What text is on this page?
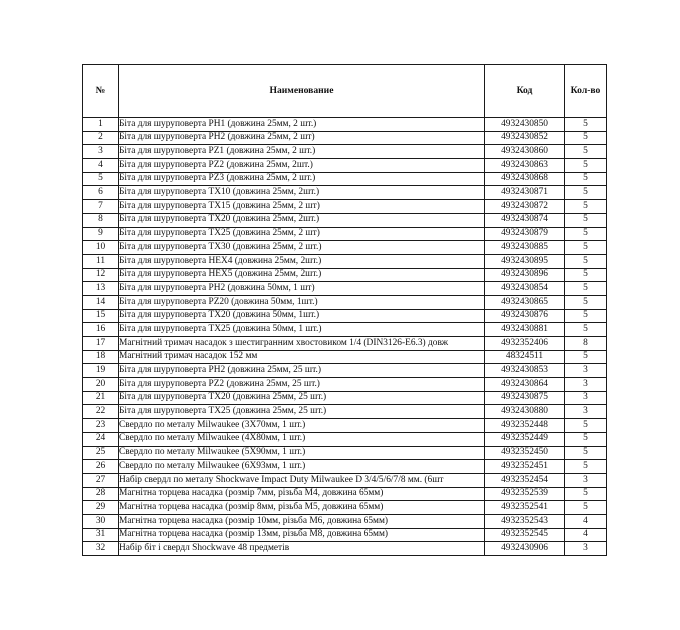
№	Наименование	Код	Кол-во
1	Біта для шуруповерта PH1 (довжина 25мм, 2 шт.)	4932430850	5
2	Біта для шуруповерта PH2 (довжина 25мм, 2 шт)	4932430852	5
3	Біта для шуруповерта PZ1 (довжина 25мм, 2 шт.)	4932430860	5
4	Біта для шуруповерта PZ2 (довжина 25мм, 2шт.)	4932430863	5
5	Біта для шуруповерта PZ3 (довжина 25мм, 2 шт.)	4932430868	5
6	Біта для шуруповерта TX10 (довжина 25мм, 2шт.)	4932430871	5
7	Біта для шуруповерта TX15 (довжина 25мм, 2 шт)	4932430872	5
8	Біта для шуруповерта TX20 (довжина 25мм, 2шт.)	4932430874	5
9	Біта для шуруповерта TX25 (довжина 25мм, 2 шт)	4932430879	5
10	Біта для шуруповерта TX30 (довжина 25мм, 2 шт.)	4932430885	5
11	Біта для шуруповерта HEX4 (довжина 25мм, 2шт.)	4932430895	5
12	Біта для шуруповерта HEX5 (довжина 25мм, 2шт.)	4932430896	5
13	Біта для шуруповерта PH2 (довжина 50мм, 1 шт)	4932430854	5
14	Біта для шуруповерта PZ20 (довжина 50мм, 1шт.)	4932430865	5
15	Біта для шуруповерта TX20 (довжина 50мм, 1шт.)	4932430876	5
16	Біта для шуруповерта TX25 (довжина 50мм, 1 шт.)	4932430881	5
17	Магнітний тримач насадок з шестигранним хвостовиком 1/4 (DIN3126-E6.3) довж	4932352406	8
18	Магнітний тримач насадок 152 мм	48324511	5
19	Біта для шуруповерта PH2 (довжина 25мм, 25 шт.)	4932430853	3
20	Біта для шуруповерта PZ2 (довжина 25мм, 25 шт.)	4932430864	3
21	Біта для шуруповерта TX20 (довжина 25мм, 25 шт.)	4932430875	3
22	Біта для шуруповерта TX25 (довжина 25мм, 25 шт.)	4932430880	3
23	Свердло по металу Milwaukee (3Х70мм, 1 шт.)	4932352448	5
24	Свердло по металу Milwaukee (4Х80мм, 1 шт.)	4932352449	5
25	Свердло по металу Milwaukee (5Х90мм, 1 шт.)	4932352450	5
26	Свердло по металу Milwaukee (6Х93мм, 1 шт.)	4932352451	5
27	Набір свердл по металу Shockwave Impact Duty Milwaukee D 3/4/5/6/7/8 мм. (6шт	4932352454	3
28	Магнітна торцева насадка (розмір 7мм, різьба М4, довжина 65мм)	4932352539	5
29	Магнітна торцева насадка (розмір 8мм, різьба М5, довжина 65мм)	4932352541	5
30	Магнітна торцева насадка (розмір 10мм, різьба М6, довжина 65мм)	4932352543	4
31	Магнітна торцева насадка (розмір 13мм, різьба М8, довжина 65мм)	4932352545	4
32	Набір біт і свердл Shockwave 48 предметів	4932430906	3
